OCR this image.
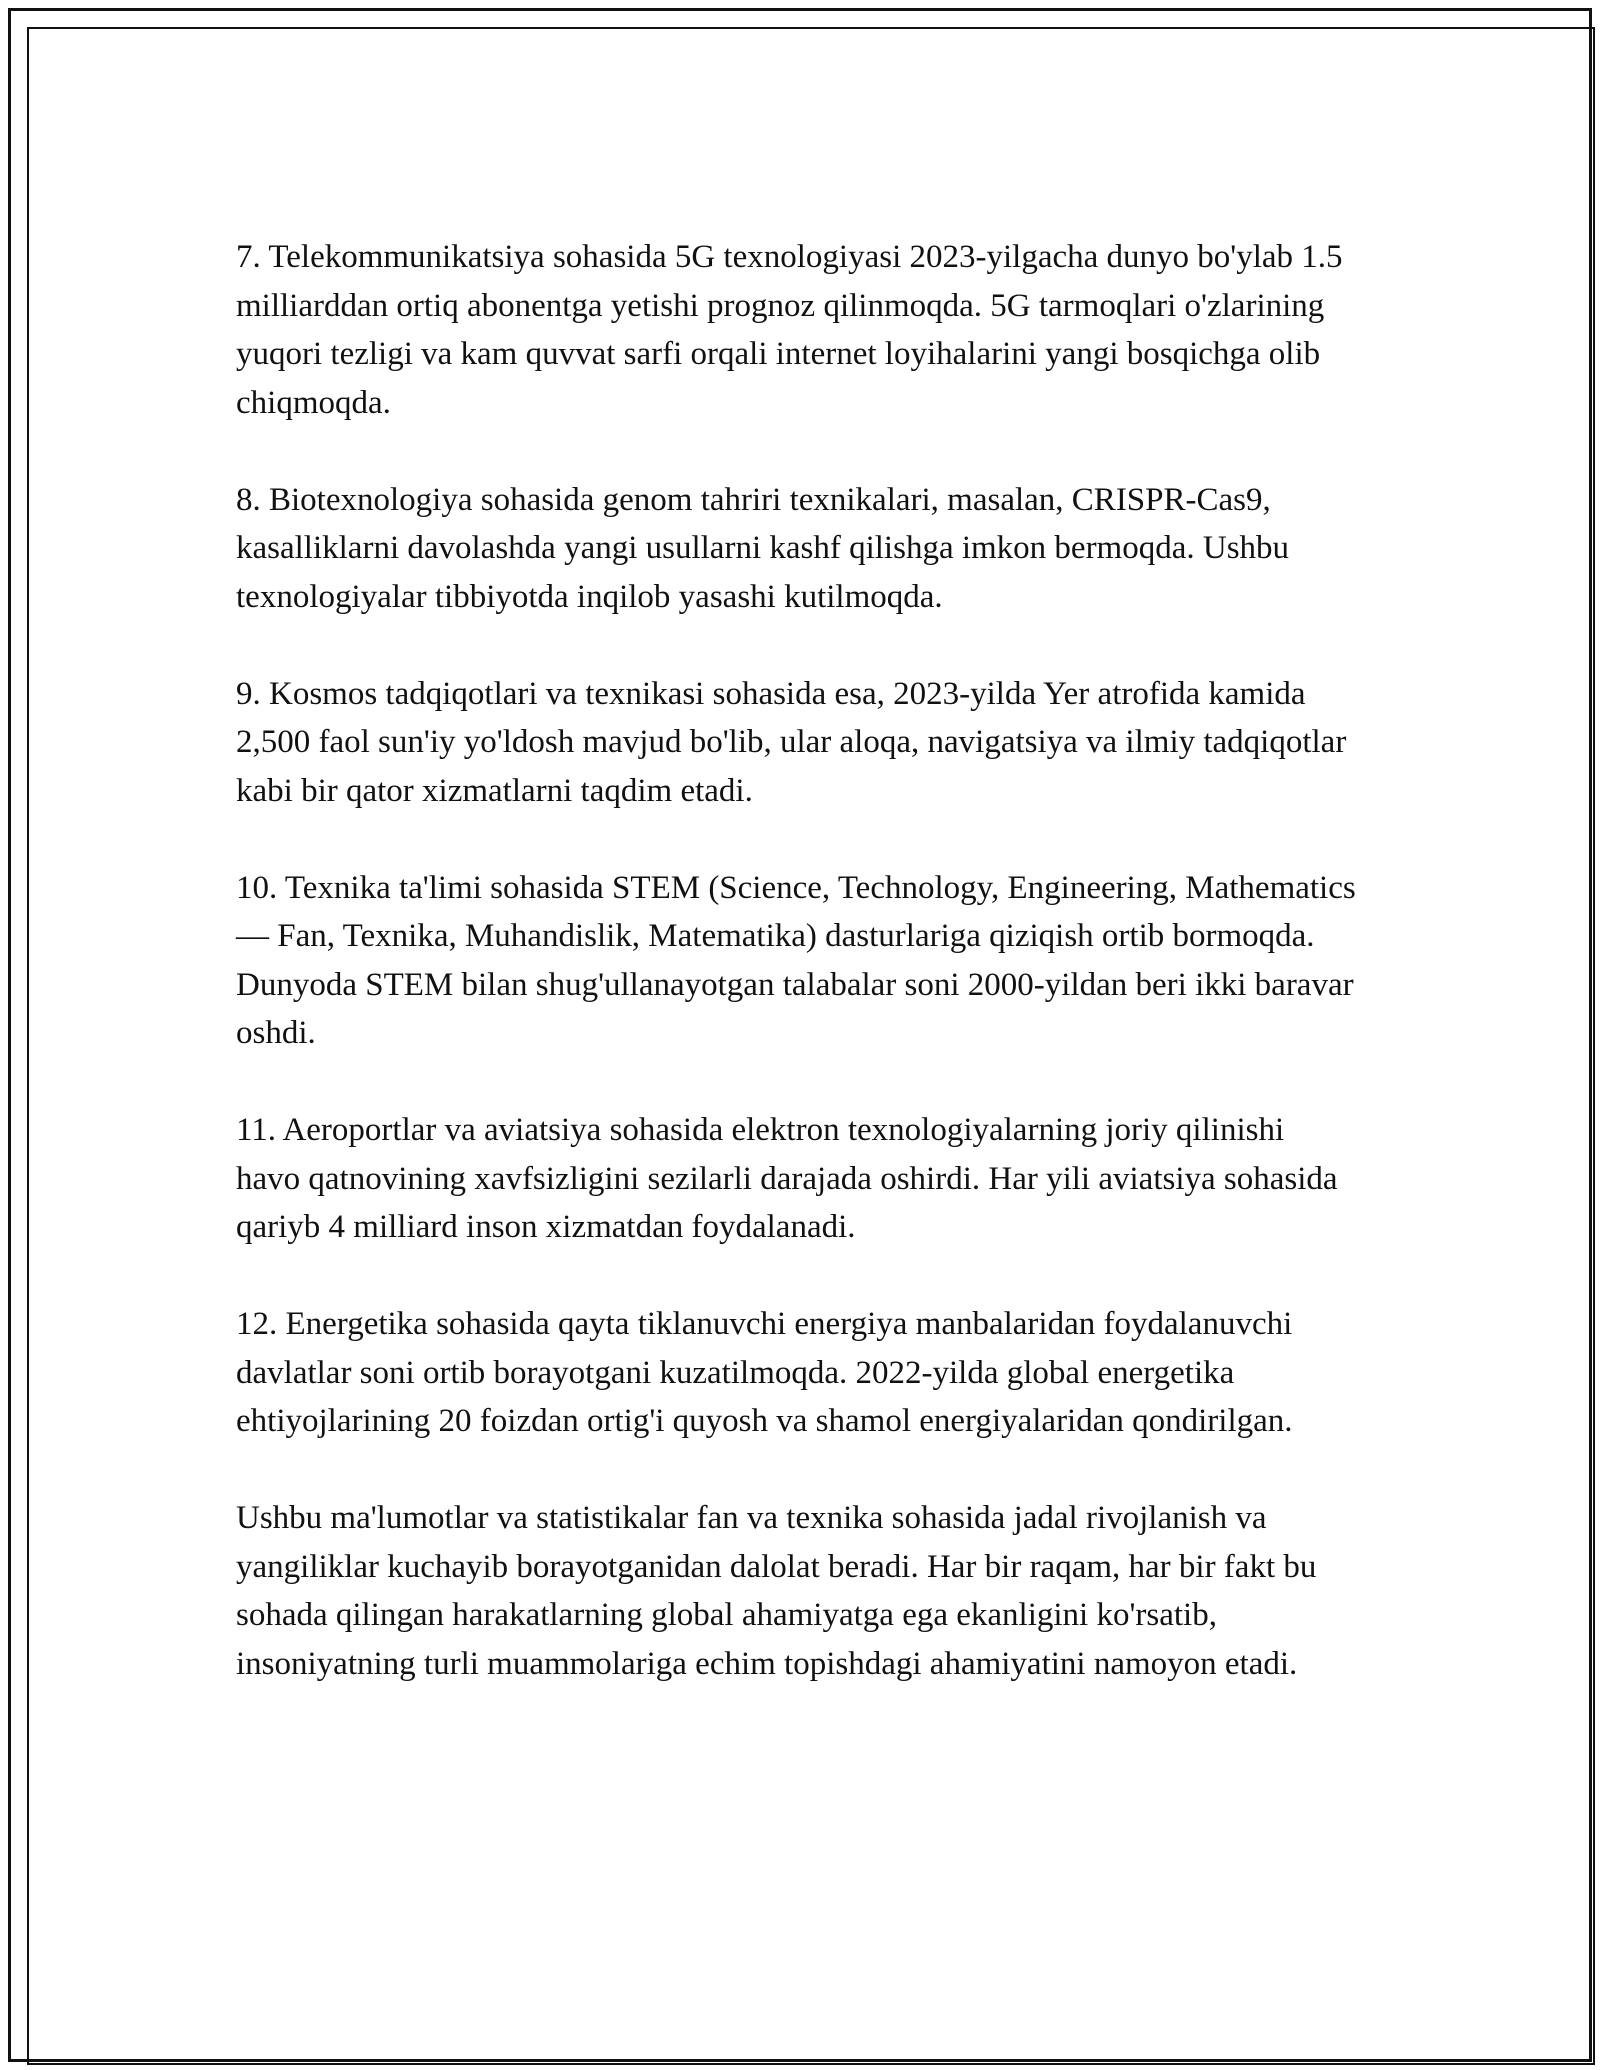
7. Telekommunikatsiya sohasida 5G texnologiyasi 2023-yilgacha dunyo bo'ylab 1.5 milliarddan ortiq abonentga yetishi prognoz qilinmoqda. 5G tarmoqlari o'zlarining yuqori tezligi va kam quvvat sarfi orqali internet loyihalarini yangi bosqichga olib chiqmoqda.

8. Biotexnologiya sohasida genom tahriri texnikalari, masalan, CRISPR-Cas9, kasalliklarni davolashda yangi usullarni kashf qilishga imkon bermoqda. Ushbu texnologiyalar tibbiyotda inqilob yasashi kutilmoqda.

9. Kosmos tadqiqotlari va texnikasi sohasida esa, 2023-yilda Yer atrofida kamida 2,500 faol sun'iy yo'ldosh mavjud bo'lib, ular aloqa, navigatsiya va ilmiy tadqiqotlar kabi bir qator xizmatlarni taqdim etadi.

10. Texnika ta'limi sohasida STEM (Science, Technology, Engineering, Mathematics — Fan, Texnika, Muhandislik, Matematika) dasturlariga qiziqish ortib bormoqda. Dunyoda STEM bilan shug'ullanayotgan talabalar soni 2000-yildan beri ikki baravar oshdi.

11. Aeroportlar va aviatsiya sohasida elektron texnologiyalarning joriy qilinishi havo qatnovining xavfsizligini sezilarli darajada oshirdi. Har yili aviatsiya sohasida qariyb 4 milliard inson xizmatdan foydalanadi.

12. Energetika sohasida qayta tiklanuvchi energiya manbalaridan foydalanuvchi davlatlar soni ortib borayotgani kuzatilmoqda. 2022-yilda global energetika ehtiyojlarining 20 foizdan ortig'i quyosh va shamol energiyalaridan qondirilgan.

Ushbu ma'lumotlar va statistikalar fan va texnika sohasida jadal rivojlanish va yangiliklar kuchayib borayotganidan dalolat beradi. Har bir raqam, har bir fakt bu sohada qilingan harakatlarning global ahamiyatga ega ekanligini ko'rsatib, insoniyatning turli muammolariga echim topishdagi ahamiyatini namoyon etadi.
